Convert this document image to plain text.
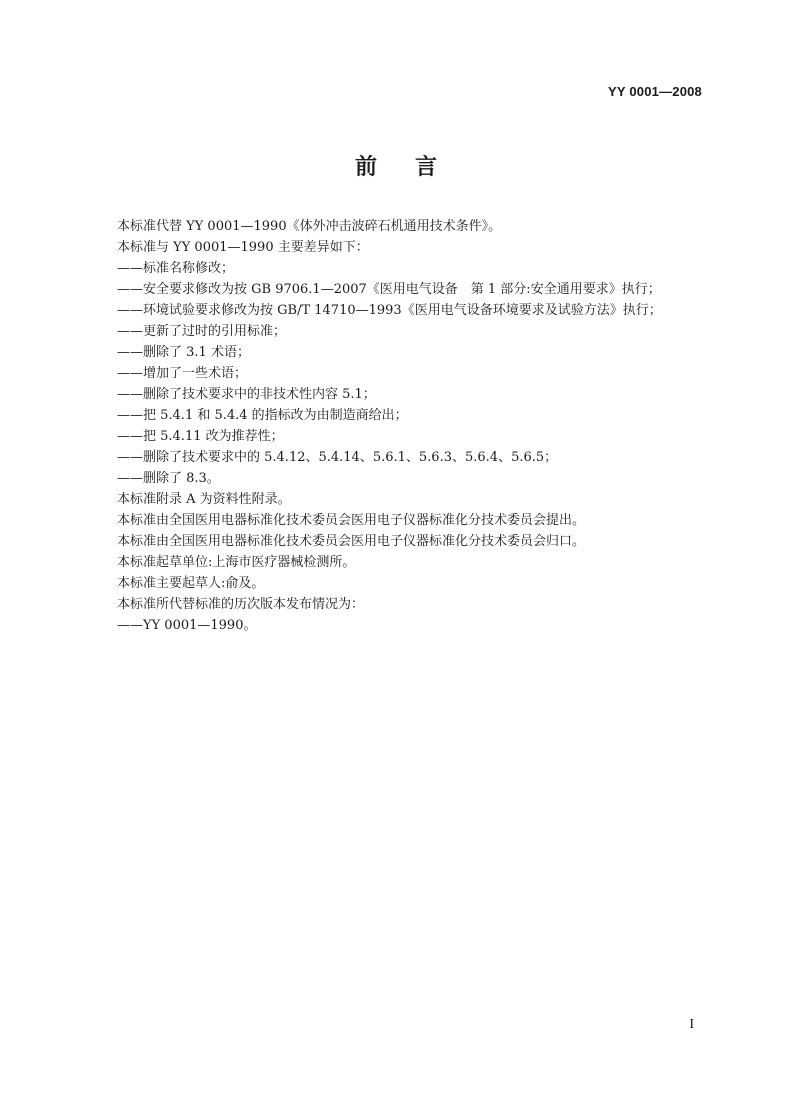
YY 0001—2008
前言
本标准代替 YY 0001—1990《体外冲击波碎石机通用技术条件》。
本标准与 YY 0001—1990 主要差异如下：
——标准名称修改；
——安全要求修改为按 GB 9706.1—2007《医用电气设备　第 1 部分:安全通用要求》执行；
——环境试验要求修改为按 GB/T 14710—1993《医用电气设备环境要求及试验方法》执行；
——更新了过时的引用标准；
——删除了 3.1 术语；
——增加了一些术语；
——删除了技术要求中的非技术性内容 5.1；
——把 5.4.1 和 5.4.4 的指标改为由制造商给出；
——把 5.4.11 改为推荐性；
——删除了技术要求中的 5.4.12、5.4.14、5.6.1、5.6.3、5.6.4、5.6.5；
——删除了 8.3。
本标准附录 A 为资料性附录。
本标准由全国医用电器标准化技术委员会医用电子仪器标准化分技术委员会提出。
本标准由全国医用电器标准化技术委员会医用电子仪器标准化分技术委员会归口。
本标准起草单位:上海市医疗器械检测所。
本标准主要起草人:俞及。
本标准所代替标准的历次版本发布情况为：
——YY 0001—1990。
I
